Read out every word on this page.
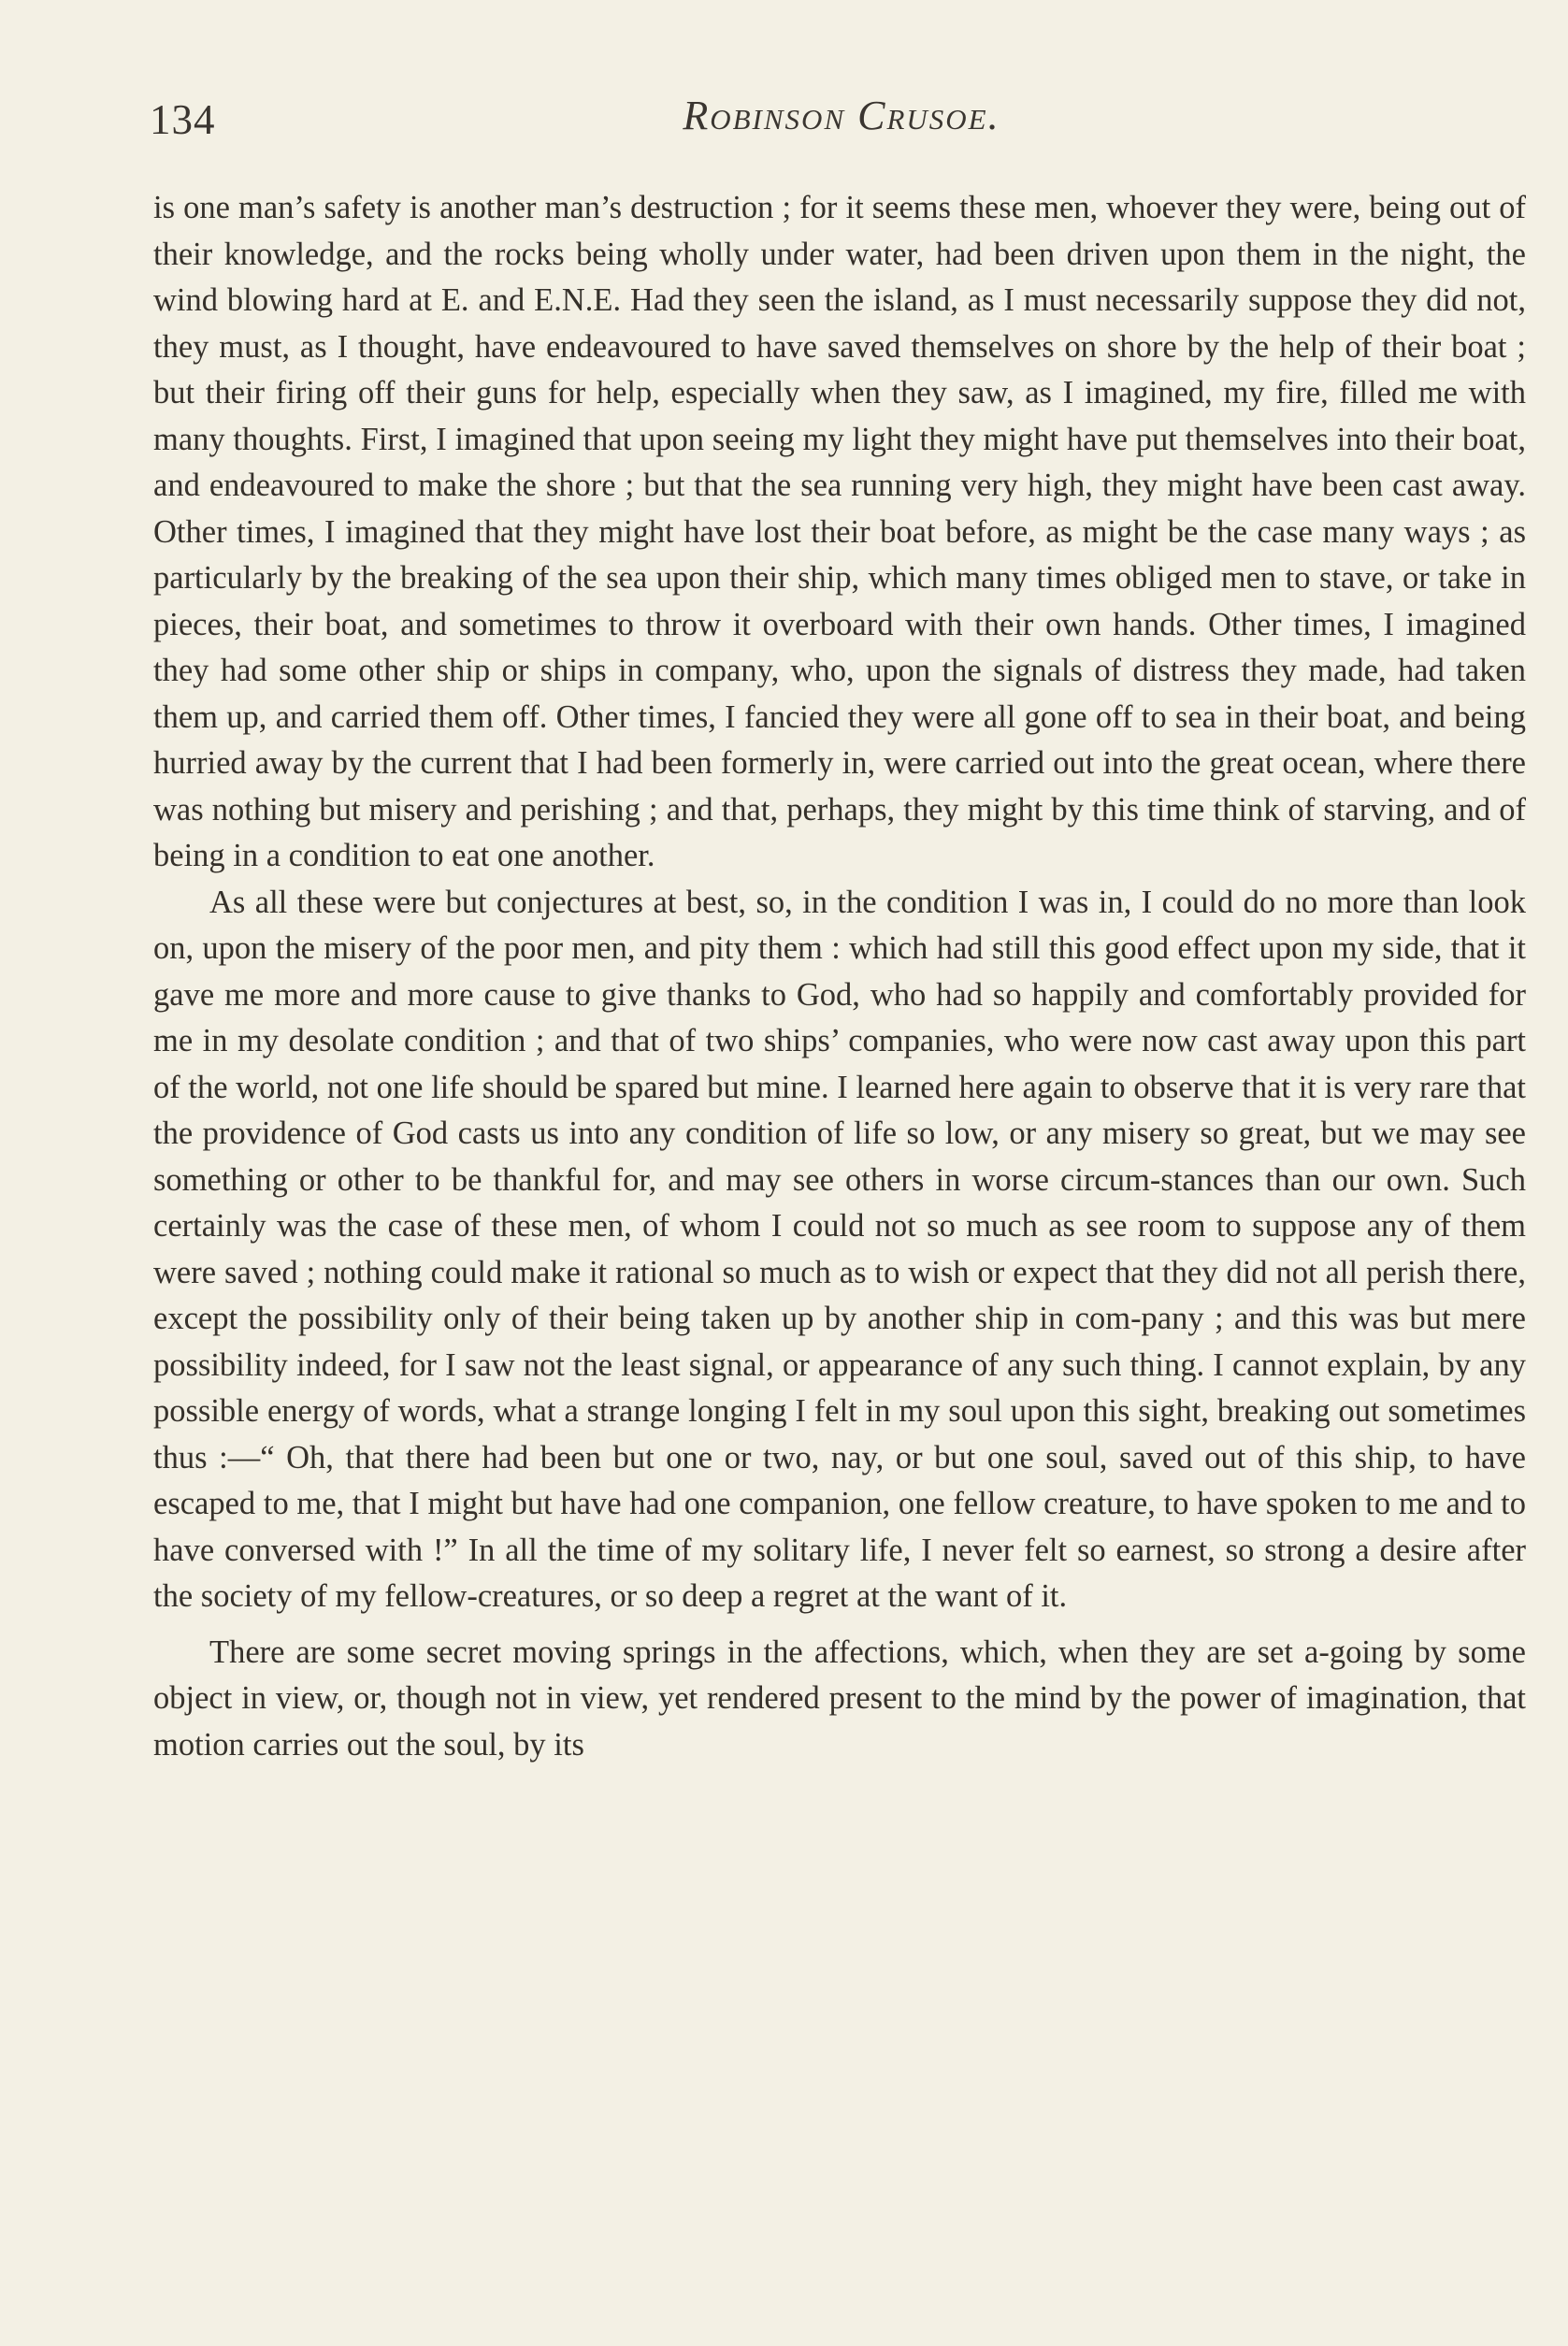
134	Robinson Crusoe.

is one man’s safety is another man’s destruction ; for it seems these men, whoever they were, being out of their knowledge, and the rocks being wholly under water, had been driven upon them in the night, the wind blowing hard at E. and E.N.E. Had they seen the island, as I must necessarily suppose they did not, they must, as I thought, have endeavoured to have saved themselves on shore by the help of their boat ; but their firing off their guns for help, especially when they saw, as I imagined, my fire, filled me with many thoughts. First, I imagined that upon seeing my light they might have put themselves into their boat, and endeavoured to make the shore ; but that the sea running very high, they might have been cast away. Other times, I imagined that they might have lost their boat before, as might be the case many ways ; as particularly by the breaking of the sea upon their ship, which many times obliged men to stave, or take in pieces, their boat, and sometimes to throw it overboard with their own hands. Other times, I imagined they had some other ship or ships in company, who, upon the signals of distress they made, had taken them up, and carried them off. Other times, I fancied they were all gone off to sea in their boat, and being hurried away by the current that I had been formerly in, were carried out into the great ocean, where there was nothing but misery and perishing ; and that, perhaps, they might by this time think of starving, and of being in a condition to eat one another.

As all these were but conjectures at best, so, in the condition I was in, I could do no more than look on, upon the misery of the poor men, and pity them : which had still this good effect upon my side, that it gave me more and more cause to give thanks to God, who had so happily and comfortably provided for me in my desolate condition ; and that of two ships’ companies, who were now cast away upon this part of the world, not one life should be spared but mine. I learned here again to observe that it is very rare that the providence of God casts us into any condition of life so low, or any misery so great, but we may see something or other to be thankful for, and may see others in worse circum-stances than our own. Such certainly was the case of these men, of whom I could not so much as see room to suppose any of them were saved ; nothing could make it rational so much as to wish or expect that they did not all perish there, except the possibility only of their being taken up by another ship in com-pany ; and this was but mere possibility indeed, for I saw not the least signal, or appearance of any such thing. I cannot explain, by any possible energy of words, what a strange longing I felt in my soul upon this sight, breaking out sometimes thus :—“ Oh, that there had been but one or two, nay, or but one soul, saved out of this ship, to have escaped to me, that I might but have had one companion, one fellow creature, to have spoken to me and to have conversed with !” In all the time of my solitary life, I never felt so earnest, so strong a desire after the society of my fellow-creatures, or so deep a regret at the want of it.

There are some secret moving springs in the affections, which, when they are set a-going by some object in view, or, though not in view, yet rendered present to the mind by the power of imagination, that motion carries out the soul, by its
